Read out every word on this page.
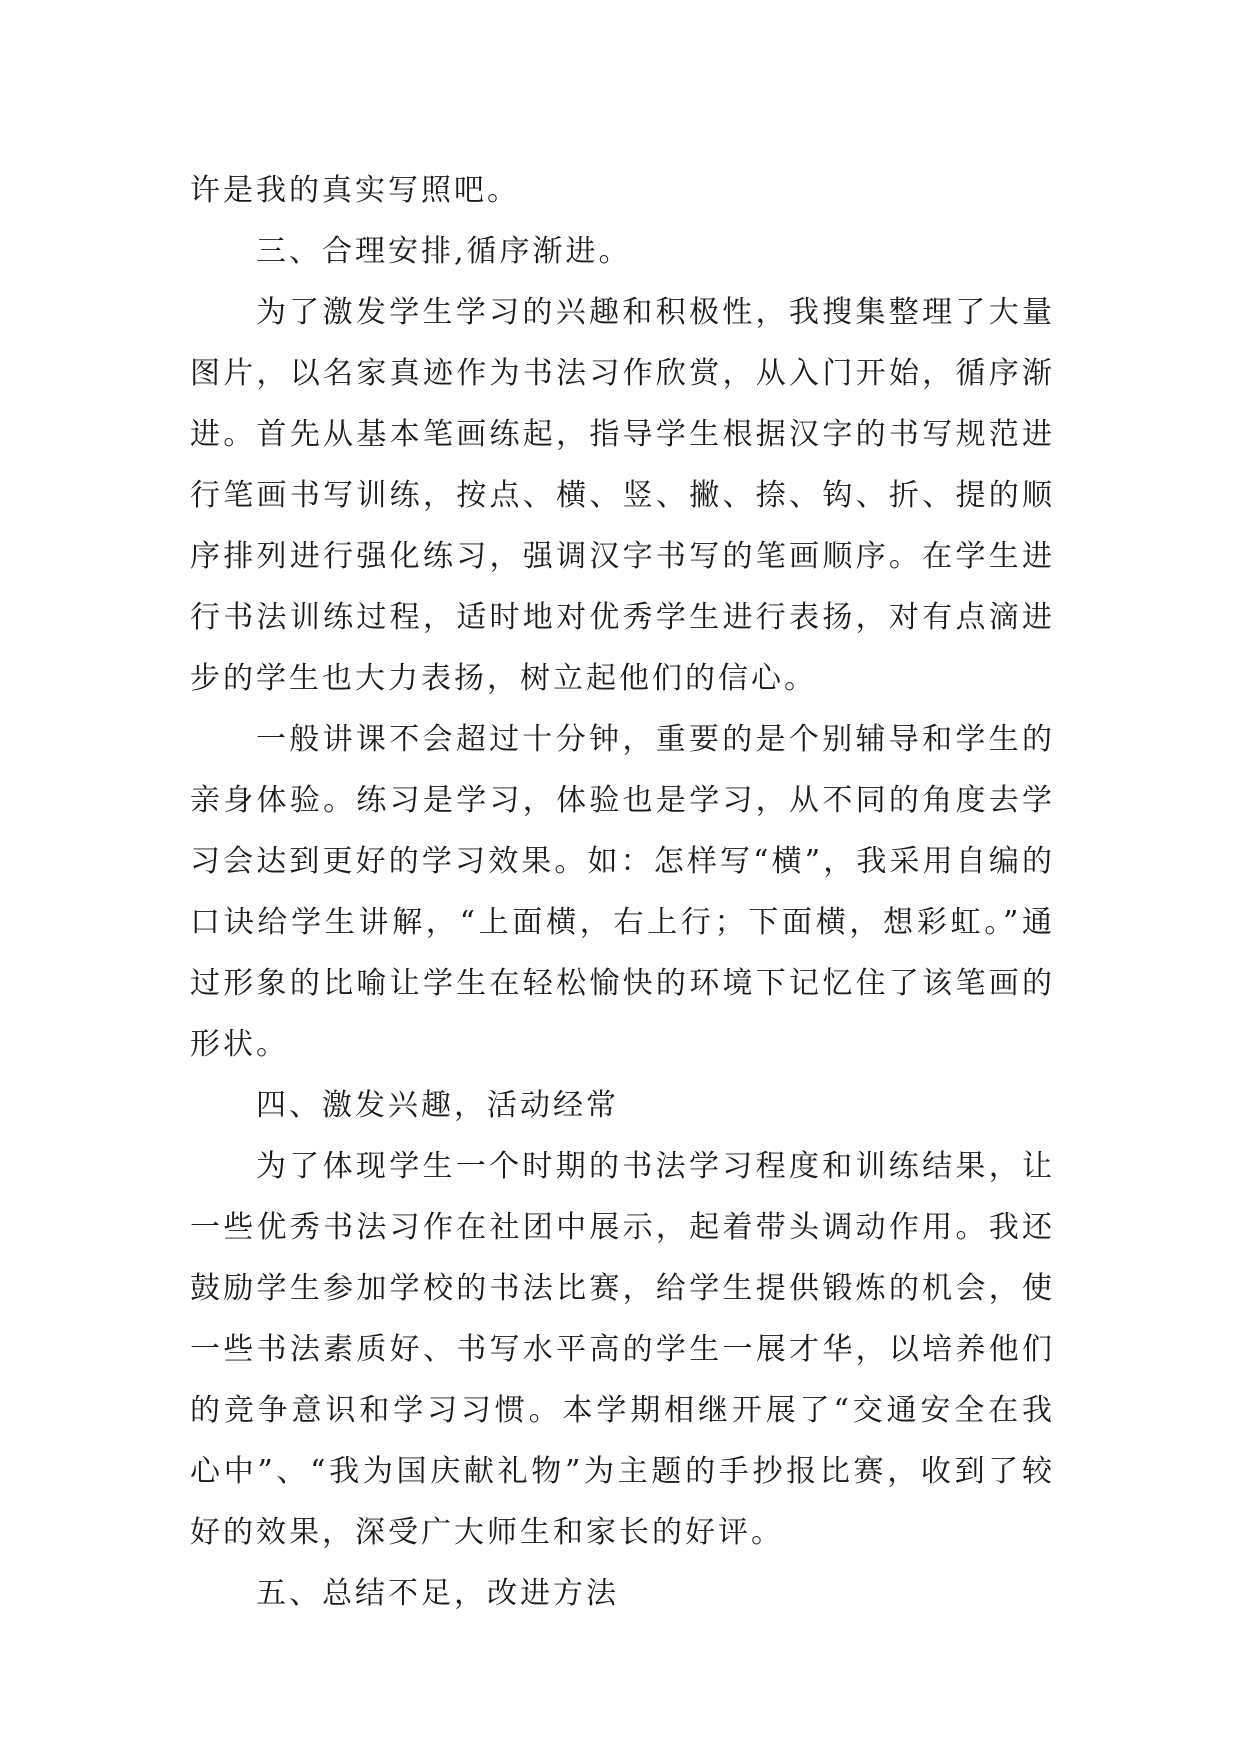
许是我的真实写照吧。

三、合理安排,循序渐进。

为了激发学生学习的兴趣和积极性，我搜集整理了大量图片，以名家真迹作为书法习作欣赏，从入门开始，循序渐进。首先从基本笔画练起，指导学生根据汉字的书写规范进行笔画书写训练，按点、横、竖、撇、捺、钩、折、提的顺序排列进行强化练习，强调汉字书写的笔画顺序。在学生进行书法训练过程，适时地对优秀学生进行表扬，对有点滴进步的学生也大力表扬，树立起他们的信心。

一般讲课不会超过十分钟，重要的是个别辅导和学生的亲身体验。练习是学习，体验也是学习，从不同的角度去学习会达到更好的学习效果。如：怎样写“横”，我采用自编的口诀给学生讲解，“上面横，右上行；下面横，想彩虹。”通过形象的比喻让学生在轻松愉快的环境下记忆住了该笔画的形状。

四、激发兴趣，活动经常

为了体现学生一个时期的书法学习程度和训练结果，让一些优秀书法习作在社团中展示，起着带头调动作用。我还鼓励学生参加学校的书法比赛，给学生提供锻炼的机会，使一些书法素质好、书写水平高的学生一展才华，以培养他们的竞争意识和学习习惯。本学期相继开展了“交通安全在我心中”、“我为国庆献礼物”为主题的手抄报比赛，收到了较好的效果，深受广大师生和家长的好评。

五、总结不足，改进方法
